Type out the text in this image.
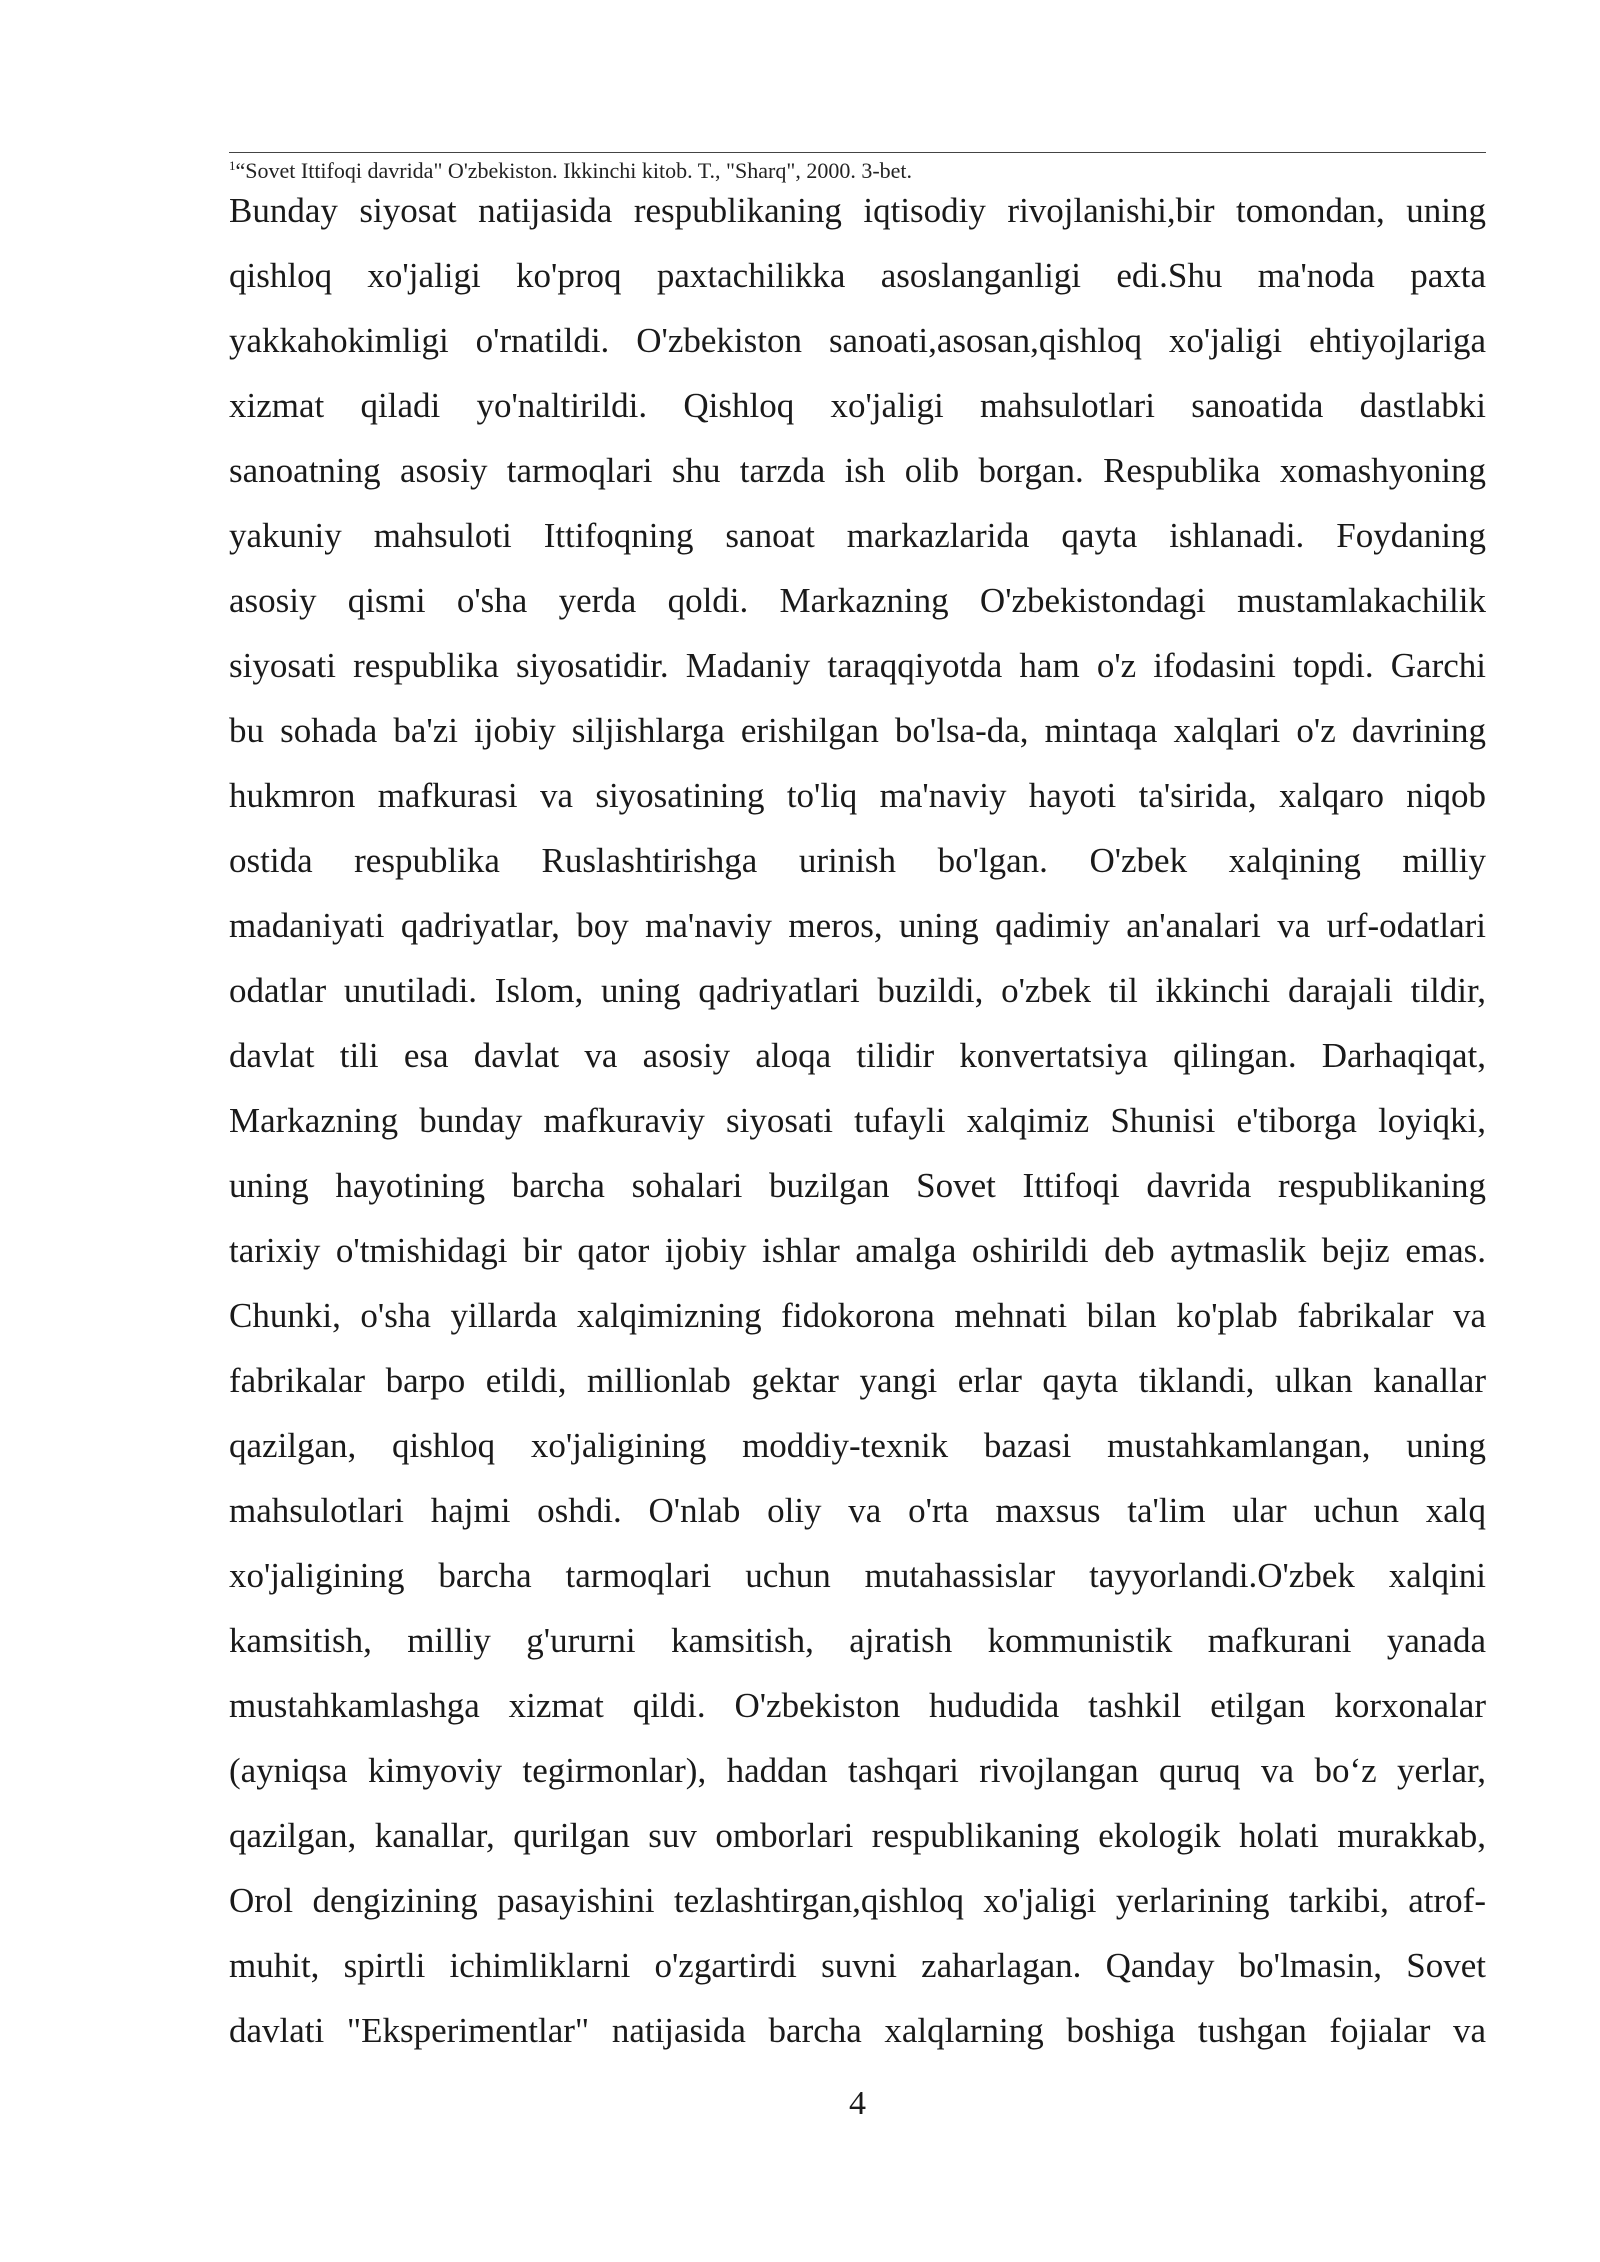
$^1$“Sovet Ittifoqi davrida" O'zbekiston. Ikkinchi kitob. T., "Sharq", 2000. 3-bet.
Bunday siyosat natijasida respublikaning iqtisodiy rivojlanishi,bir tomondan, uning
qishloq xo'jaligi ko'proq paxtachilikka asoslanganligi edi.Shu ma'noda paxta
yakkahokimligi o'rnatildi. O'zbekiston sanoati,asosan,qishloq xo'jaligi ehtiyojlariga
xizmat qiladi yo'naltirildi. Qishloq xo'jaligi mahsulotlari sanoatida dastlabki
sanoatning asosiy tarmoqlari shu tarzda ish olib borgan. Respublika xomashyoning
yakuniy mahsuloti Ittifoqning sanoat markazlarida qayta ishlanadi. Foydaning
asosiy qismi o'sha yerda qoldi. Markazning O'zbekistondagi mustamlakachilik
siyosati respublika siyosatidir. Madaniy taraqqiyotda ham o'z ifodasini topdi. Garchi
bu sohada ba'zi ijobiy siljishlarga erishilgan bo'lsa-da, mintaqa xalqlari o'z davrining
hukmron mafkurasi va siyosatining to'liq ma'naviy hayoti ta'sirida, xalqaro niqob
ostida respublika Ruslashtirishga urinish bo'lgan. O'zbek xalqining milliy
madaniyati qadriyatlar, boy ma'naviy meros, uning qadimiy an'analari va urf-odatlari
odatlar unutiladi. Islom, uning qadriyatlari buzildi, o'zbek til ikkinchi darajali tildir,
davlat tili esa davlat va asosiy aloqa tilidir konvertatsiya qilingan. Darhaqiqat,
Markazning bunday mafkuraviy siyosati tufayli xalqimiz Shunisi e'tiborga loyiqki,
uning hayotining barcha sohalari buzilgan Sovet Ittifoqi davrida respublikaning
tarixiy o'tmishidagi bir qator ijobiy ishlar amalga oshirildi deb aytmaslik bejiz emas.
Chunki, o'sha yillarda xalqimizning fidokorona mehnati bilan ko'plab fabrikalar va
fabrikalar barpo etildi, millionlab gektar yangi erlar qayta tiklandi, ulkan kanallar
qazilgan, qishloq xo'jaligining moddiy-texnik bazasi mustahkamlangan, uning
mahsulotlari hajmi oshdi. O'nlab oliy va o'rta maxsus ta'lim ular uchun xalq
xo'jaligining barcha tarmoqlari uchun mutahassislar tayyorlandi.O'zbek xalqini
kamsitish, milliy g'ururni kamsitish, ajratish kommunistik mafkurani yanada
mustahkamlashga xizmat qildi. O'zbekiston hududida tashkil etilgan korxonalar
(ayniqsa kimyoviy tegirmonlar), haddan tashqari rivojlangan quruq va bo‘z yerlar,
qazilgan, kanallar, qurilgan suv omborlari respublikaning ekologik holati murakkab,
Orol dengizining pasayishini tezlashtirgan,qishloq xo'jaligi yerlarining tarkibi, atrof-
muhit, spirtli ichimliklarni o'zgartirdi suvni zaharlagan. Qanday bo'lmasin, Sovet
davlati "Eksperimentlar" natijasida barcha xalqlarning boshiga tushgan fojialar va
4
